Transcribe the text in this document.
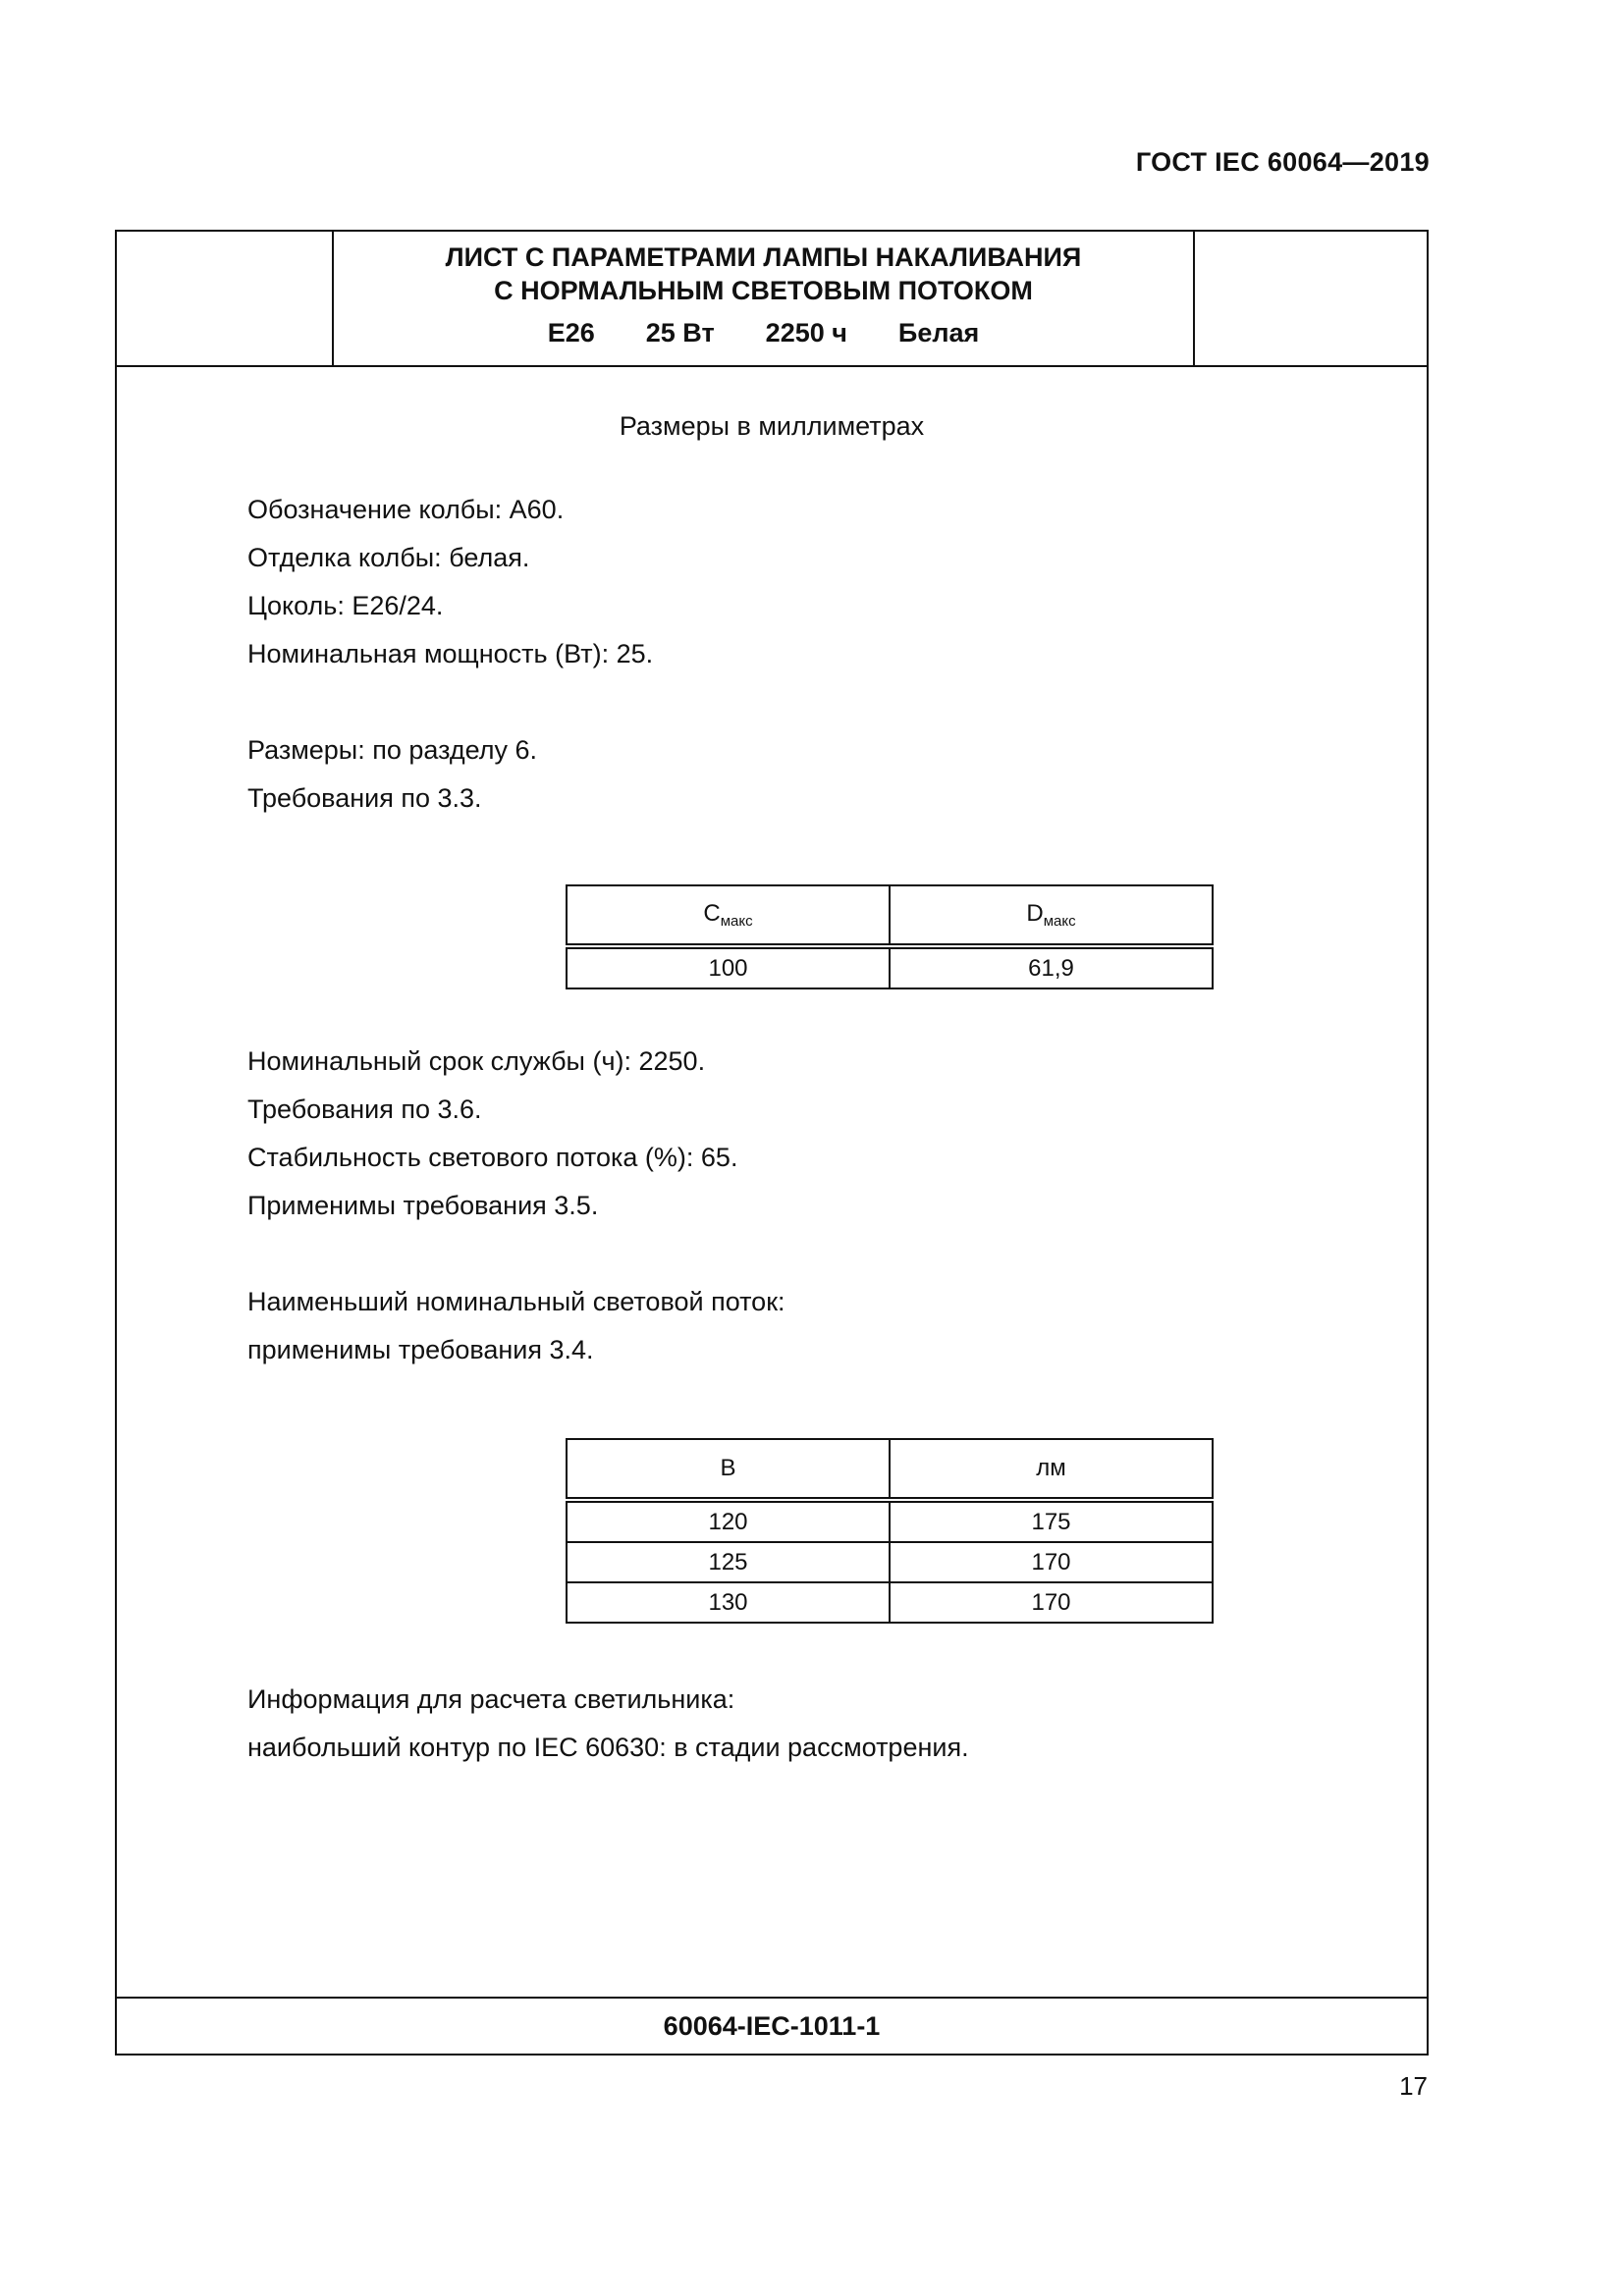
ГОСТ IEC 60064—2019
ЛИСТ С ПАРАМЕТРАМИ ЛАМПЫ НАКАЛИВАНИЯ
С НОРМАЛЬНЫМ СВЕТОВЫМ ПОТОКОМ
E26 25 Вт 2250 ч Белая
Размеры в миллиметрах
Обозначение колбы: А60.
Отделка колбы: белая.
Цоколь: E26/24.
Номинальная мощность (Вт): 25.
Размеры: по разделу 6.
Требования по 3.3.
$C_{макс}$	$D_{макс}$
100	61,9
Номинальный срок службы (ч): 2250.
Требования по 3.6.
Стабильность светового потока (%): 65.
Применимы требования 3.5.
Наименьший номинальный световой поток:
применимы требования 3.4.
В	лм
120	175
125	170
130	170
Информация для расчета светильника:
наибольший контур по IEC 60630: в стадии рассмотрения.
60064-IEC-1011-1
17
